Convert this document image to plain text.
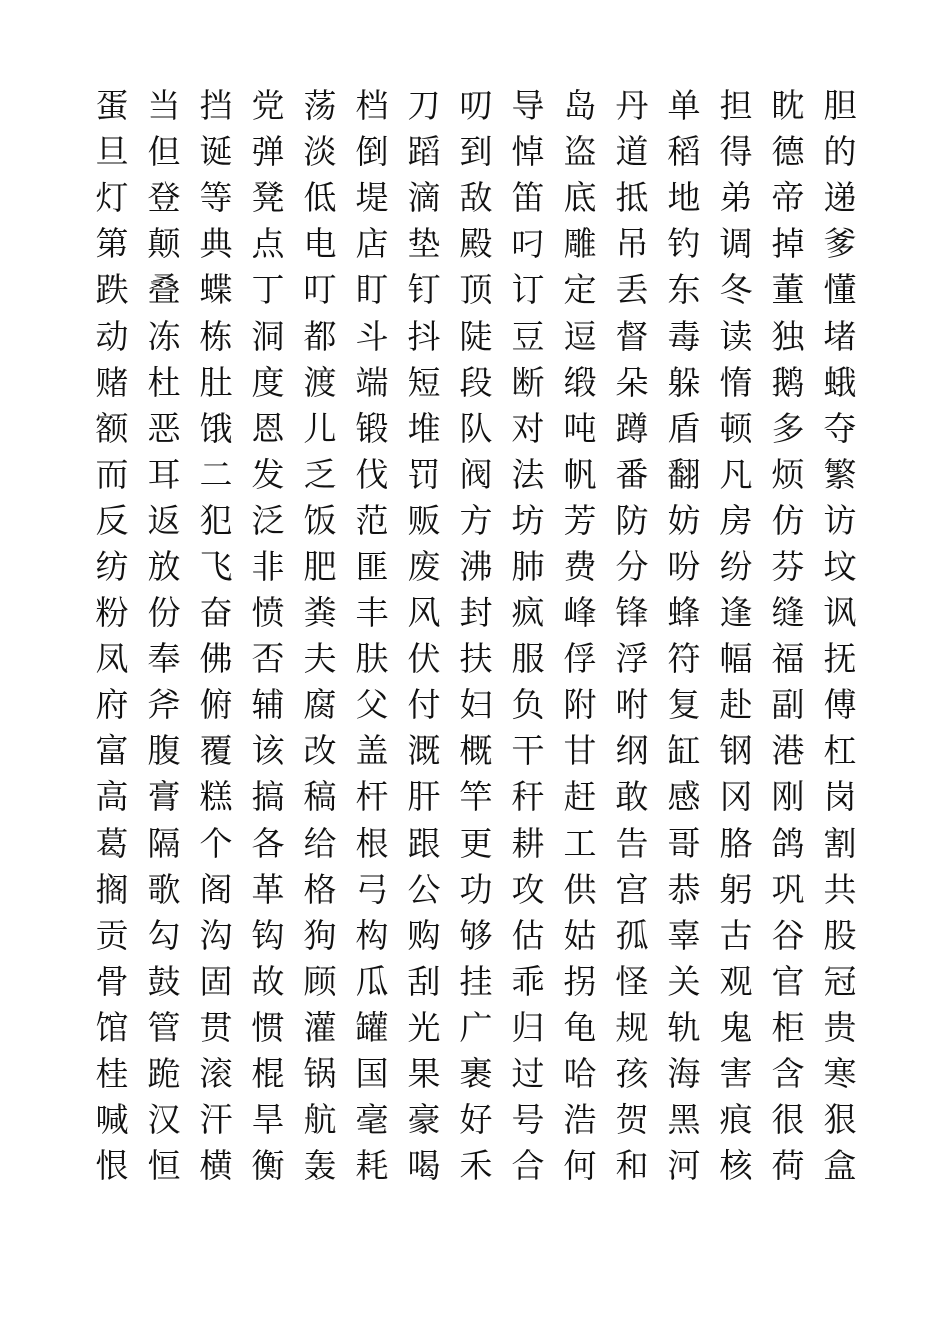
蛋 当 挡 党 荡 档 刀 叨 导 岛 丹 单 担 眈 胆
旦 但 诞 弹 淡 倒 蹈 到 悼 盗 道 稻 得 德 的
灯 登 等 凳 低 堤 滴 敌 笛 底 抵 地 弟 帝 递
第 颠 典 点 电 店 垫 殿 叼 雕 吊 钓 调 掉 爹
跌 叠 蝶 丁 叮 盯 钉 顶 订 定 丢 东 冬 董 懂
动 冻 栋 洞 都 斗 抖 陡 豆 逗 督 毒 读 独 堵
赌 杜 肚 度 渡 端 短 段 断 缎 朵 躲 惰 鹅 蛾
额 恶 饿 恩 儿 锻 堆 队 对 吨 蹲 盾 顿 多 夺
而 耳 二 发 乏 伐 罚 阀 法 帆 番 翻 凡 烦 繁
反 返 犯 泛 饭 范 贩 方 坊 芳 防 妨 房 仿 访
纺 放 飞 非 肥 匪 废 沸 肺 费 分 吩 纷 芬 坟
粉 份 奋 愤 粪 丰 风 封 疯 峰 锋 蜂 逢 缝 讽
凤 奉 佛 否 夫 肤 伏 扶 服 俘 浮 符 幅 福 抚
府 斧 俯 辅 腐 父 付 妇 负 附 咐 复 赴 副 傅
富 腹 覆 该 改 盖 溉 概 干 甘 纲 缸 钢 港 杠
高 膏 糕 搞 稿 杆 肝 竿 秆 赶 敢 感 冈 刚 岗
葛 隔 个 各 给 根 跟 更 耕 工 告 哥 胳 鸽 割
搁 歌 阁 革 格 弓 公 功 攻 供 宫 恭 躬 巩 共
贡 勾 沟 钩 狗 构 购 够 估 姑 孤 辜 古 谷 股
骨 鼓 固 故 顾 瓜 刮 挂 乖 拐 怪 关 观 官 冠
馆 管 贯 惯 灌 罐 光 广 归 龟 规 轨 鬼 柜 贵
桂 跪 滚 棍 锅 国 果 裹 过 哈 孩 海 害 含 寒
喊 汉 汗 旱 航 毫 豪 好 号 浩 贺 黑 痕 很 狠
恨 恒 横 衡 轰 耗 喝 禾 合 何 和 河 核 荷 盒
